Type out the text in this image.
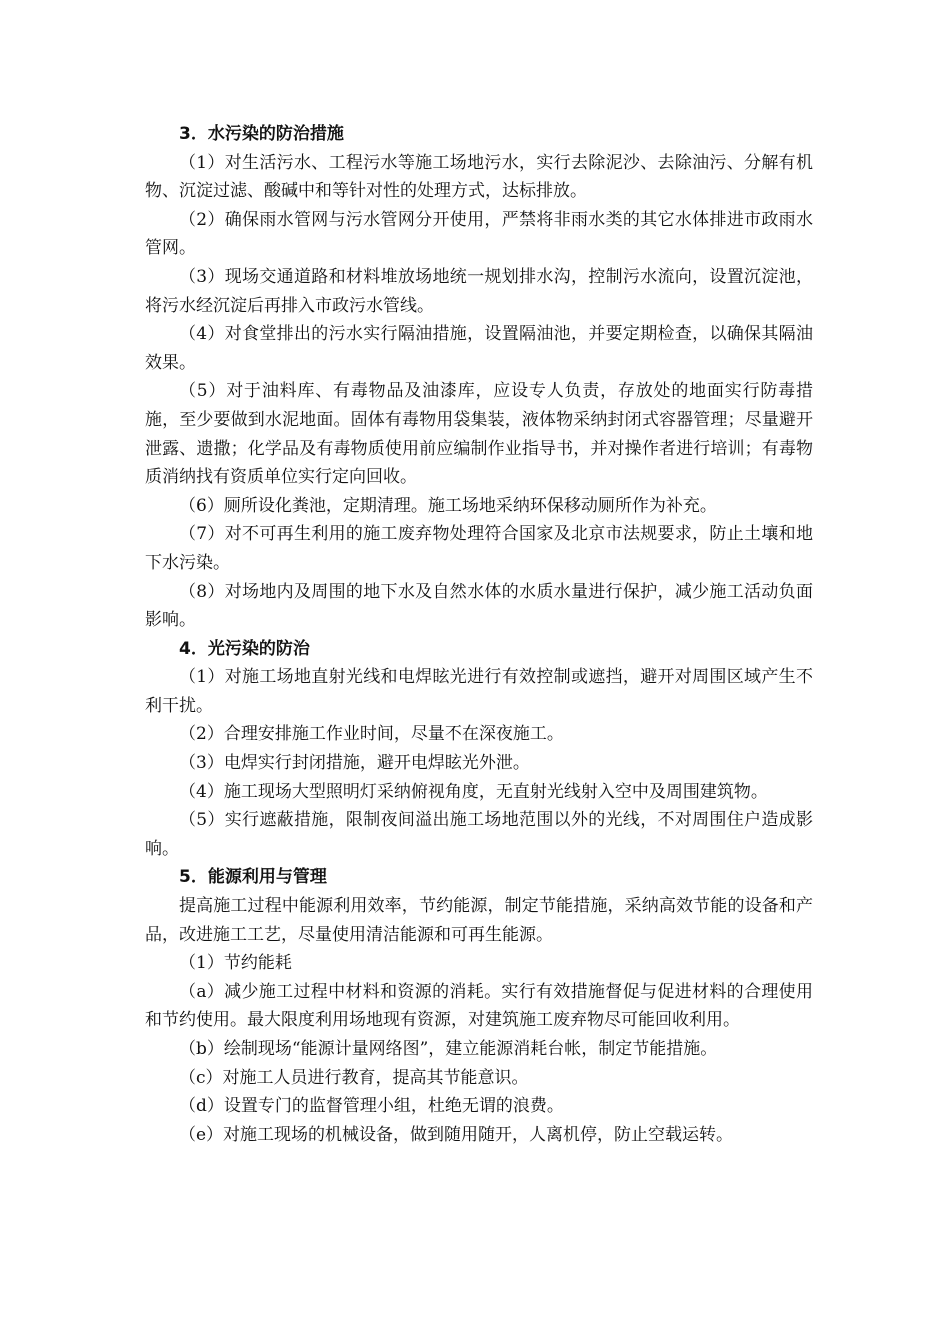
3．水污染的防治措施

（1）对生活污水、工程污水等施工场地污水，实行去除泥沙、去除油污、分解有机物、沉淀过滤、酸碱中和等针对性的处理方式，达标排放。

（2）确保雨水管网与污水管网分开使用，严禁将非雨水类的其它水体排进市政雨水管网。

（3）现场交通道路和材料堆放场地统一规划排水沟，控制污水流向，设置沉淀池，将污水经沉淀后再排入市政污水管线。

（4）对食堂排出的污水实行隔油措施，设置隔油池，并要定期检查，以确保其隔油效果。

（5）对于油料库、有毒物品及油漆库，应设专人负责，存放处的地面实行防毒措施，至少要做到水泥地面。固体有毒物用袋集装，液体物采纳封闭式容器管理；尽量避开泄露、遗撒；化学品及有毒物质使用前应编制作业指导书，并对操作者进行培训；有毒物质消纳找有资质单位实行定向回收。

（6）厕所设化粪池，定期清理。施工场地采纳环保移动厕所作为补充。

（7）对不可再生利用的施工废弃物处理符合国家及北京市法规要求，防止土壤和地下水污染。

（8）对场地内及周围的地下水及自然水体的水质水量进行保护，减少施工活动负面影响。

4．光污染的防治

（1）对施工场地直射光线和电焊眩光进行有效控制或遮挡，避开对周围区域产生不利干扰。

（2）合理安排施工作业时间，尽量不在深夜施工。

（3）电焊实行封闭措施，避开电焊眩光外泄。

（4）施工现场大型照明灯采纳俯视角度，无直射光线射入空中及周围建筑物。

（5）实行遮蔽措施，限制夜间溢出施工场地范围以外的光线，不对周围住户造成影响。

5．能源利用与管理

提高施工过程中能源利用效率，节约能源，制定节能措施，采纳高效节能的设备和产品，改进施工工艺，尽量使用清洁能源和可再生能源。

（1）节约能耗

（a）减少施工过程中材料和资源的消耗。实行有效措施督促与促进材料的合理使用和节约使用。最大限度利用场地现有资源，对建筑施工废弃物尽可能回收利用。

（b）绘制现场“能源计量网络图”，建立能源消耗台帐，制定节能措施。

（c）对施工人员进行教育，提高其节能意识。

（d）设置专门的监督管理小组，杜绝无谓的浪费。

（e）对施工现场的机械设备，做到随用随开，人离机停，防止空载运转。
